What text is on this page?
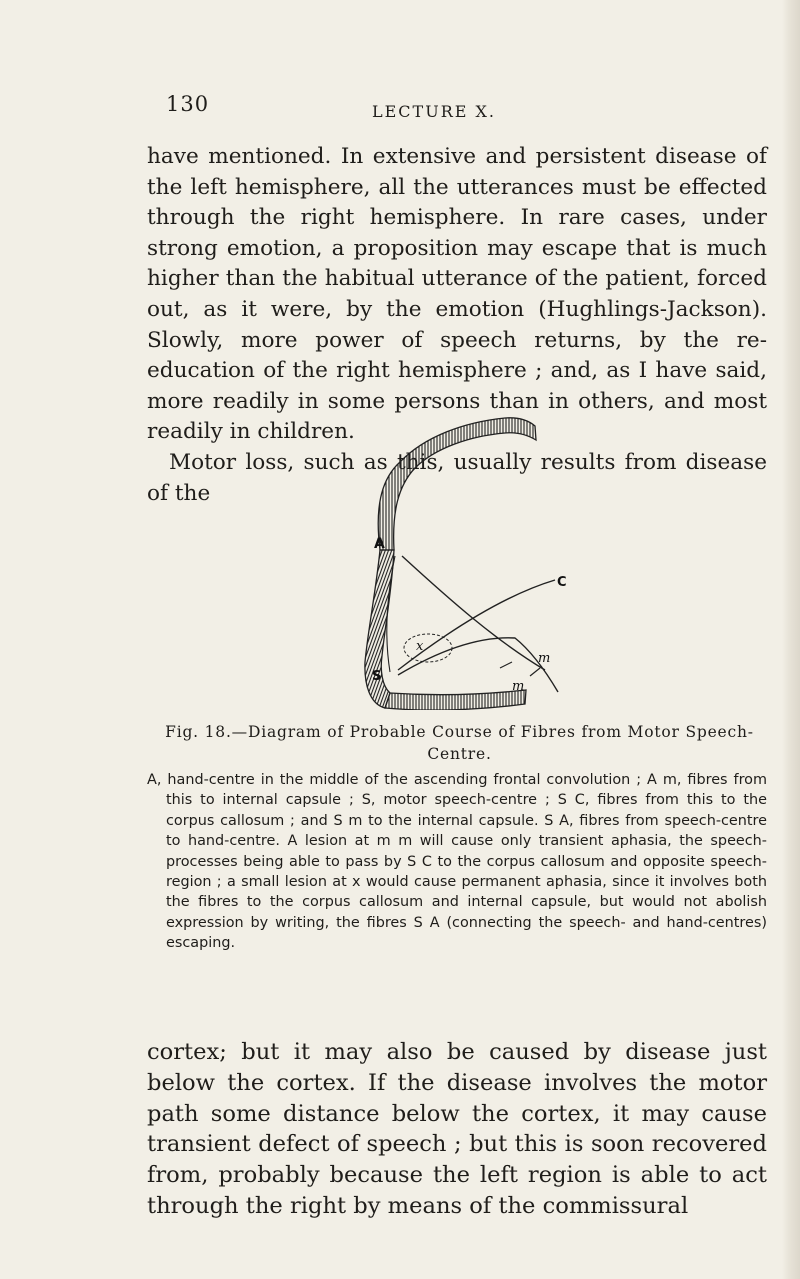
130	LECTURE X.

have mentioned. In extensive and persistent disease of the left hemisphere, all the utterances must be effected through the right hemisphere. In rare cases, under strong emotion, a proposition may escape that is much higher than the habitual utterance of the patient, forced out, as it were, by the emotion (Hughlings-Jackson). Slowly, more power of speech returns, by the re-education of the right hemisphere ; and, as I have said, more readily in some persons than in others, and most readily in children.

Motor loss, such as this, usually results from disease of the

A
C
x
S
m
m
Fig. 18.—Diagram of Probable Course of Fibres from Motor Speech-
Centre.

A, hand-centre in the middle of the ascending frontal convolution ; A m, fibres from this to internal capsule ; S, motor speech-centre ; S C, fibres from this to the corpus callosum ; and S m to the internal capsule. S A, fibres from speech-centre to hand-centre. A lesion at m m will cause only transient aphasia, the speech-processes being able to pass by S C to the corpus callosum and opposite speech-region ; a small lesion at x would cause permanent aphasia, since it involves both the fibres to the corpus callosum and internal capsule, but would not abolish expression by writing, the fibres S A (connecting the speech- and hand-centres) escaping.

cortex; but it may also be caused by disease just below the cortex. If the disease involves the motor path some distance below the cortex, it may cause transient defect of speech ; but this is soon recovered from, probably because the left region is able to act through the right by means of the commissural
